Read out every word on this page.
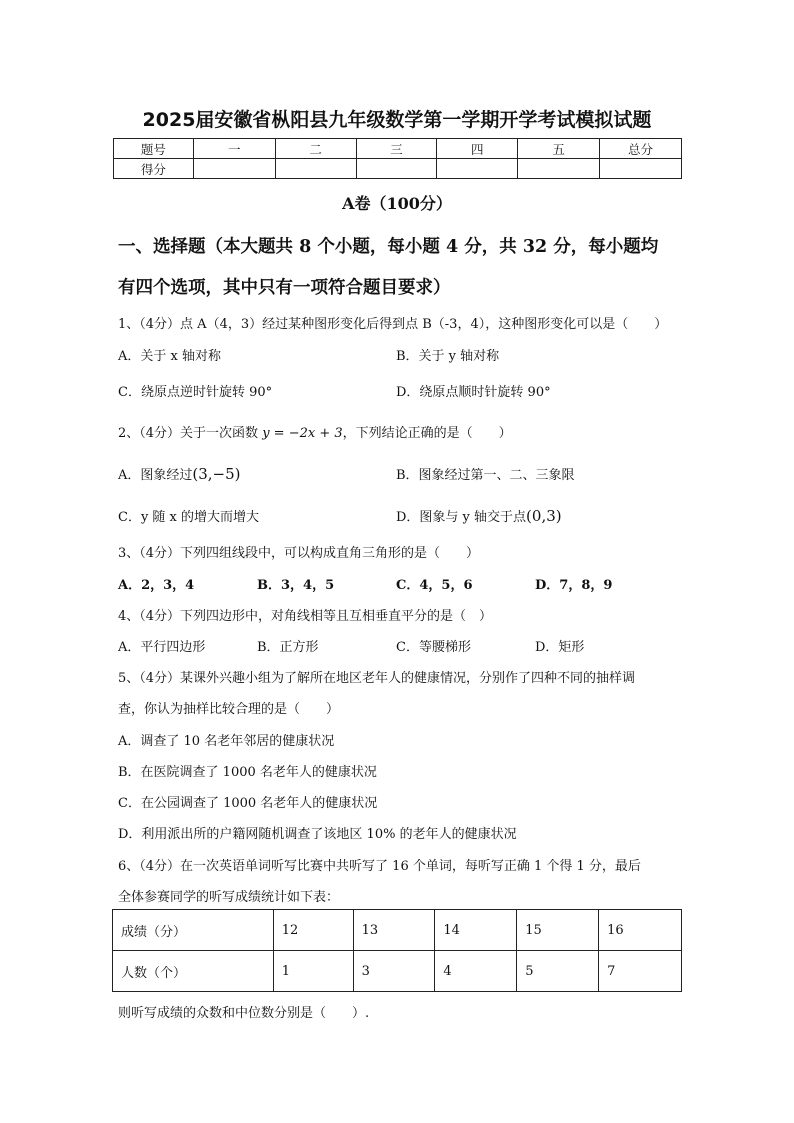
2025届安徽省枞阳县九年级数学第一学期开学考试模拟试题
题号	一	二	三	四	五	总分
得分						
A卷（100分）
一、选择题（本大题共 8 个小题，每小题 4 分，共 32 分，每小题均
有四个选项，其中只有一项符合题目要求）
1、（4分）点 A（4，3）经过某种图形变化后得到点 B（-3，4），这种图形变化可以是（　　）
A．关于 x 轴对称	B．关于 y 轴对称
C．绕原点逆时针旋转 90°	D．绕原点顺时针旋转 90°
2、（4分）关于一次函数 y = −2x + 3，下列结论正确的是（　　）
A．图象经过(3,−5)	B．图象经过第一、二、三象限
C．y 随 x 的增大而增大	D．图象与 y 轴交于点(0,3)
3、（4分）下列四组线段中，可以构成直角三角形的是（　　）
A．2，3，4	B．3，4，5	C．4，5，6	D．7，8，9
4、（4分）下列四边形中，对角线相等且互相垂直平分的是（　）
A．平行四边形	B．正方形	C．等腰梯形	D．矩形
5、（4分）某课外兴趣小组为了解所在地区老年人的健康情况，分别作了四种不同的抽样调
查，你认为抽样比较合理的是（　　）
A．调查了 10 名老年邻居的健康状况
B．在医院调查了 1000 名老年人的健康状况
C．在公园调查了 1000 名老年人的健康状况
D．利用派出所的户籍网随机调查了该地区 10% 的老年人的健康状况
6、（4分）在一次英语单词听写比赛中共听写了 16 个单词，每听写正确 1 个得 1 分，最后
全体参赛同学的听写成绩统计如下表：
成绩（分）	12	13	14	15	16
人数（个）	1	3	4	5	7
则听写成绩的众数和中位数分别是（　　）.
